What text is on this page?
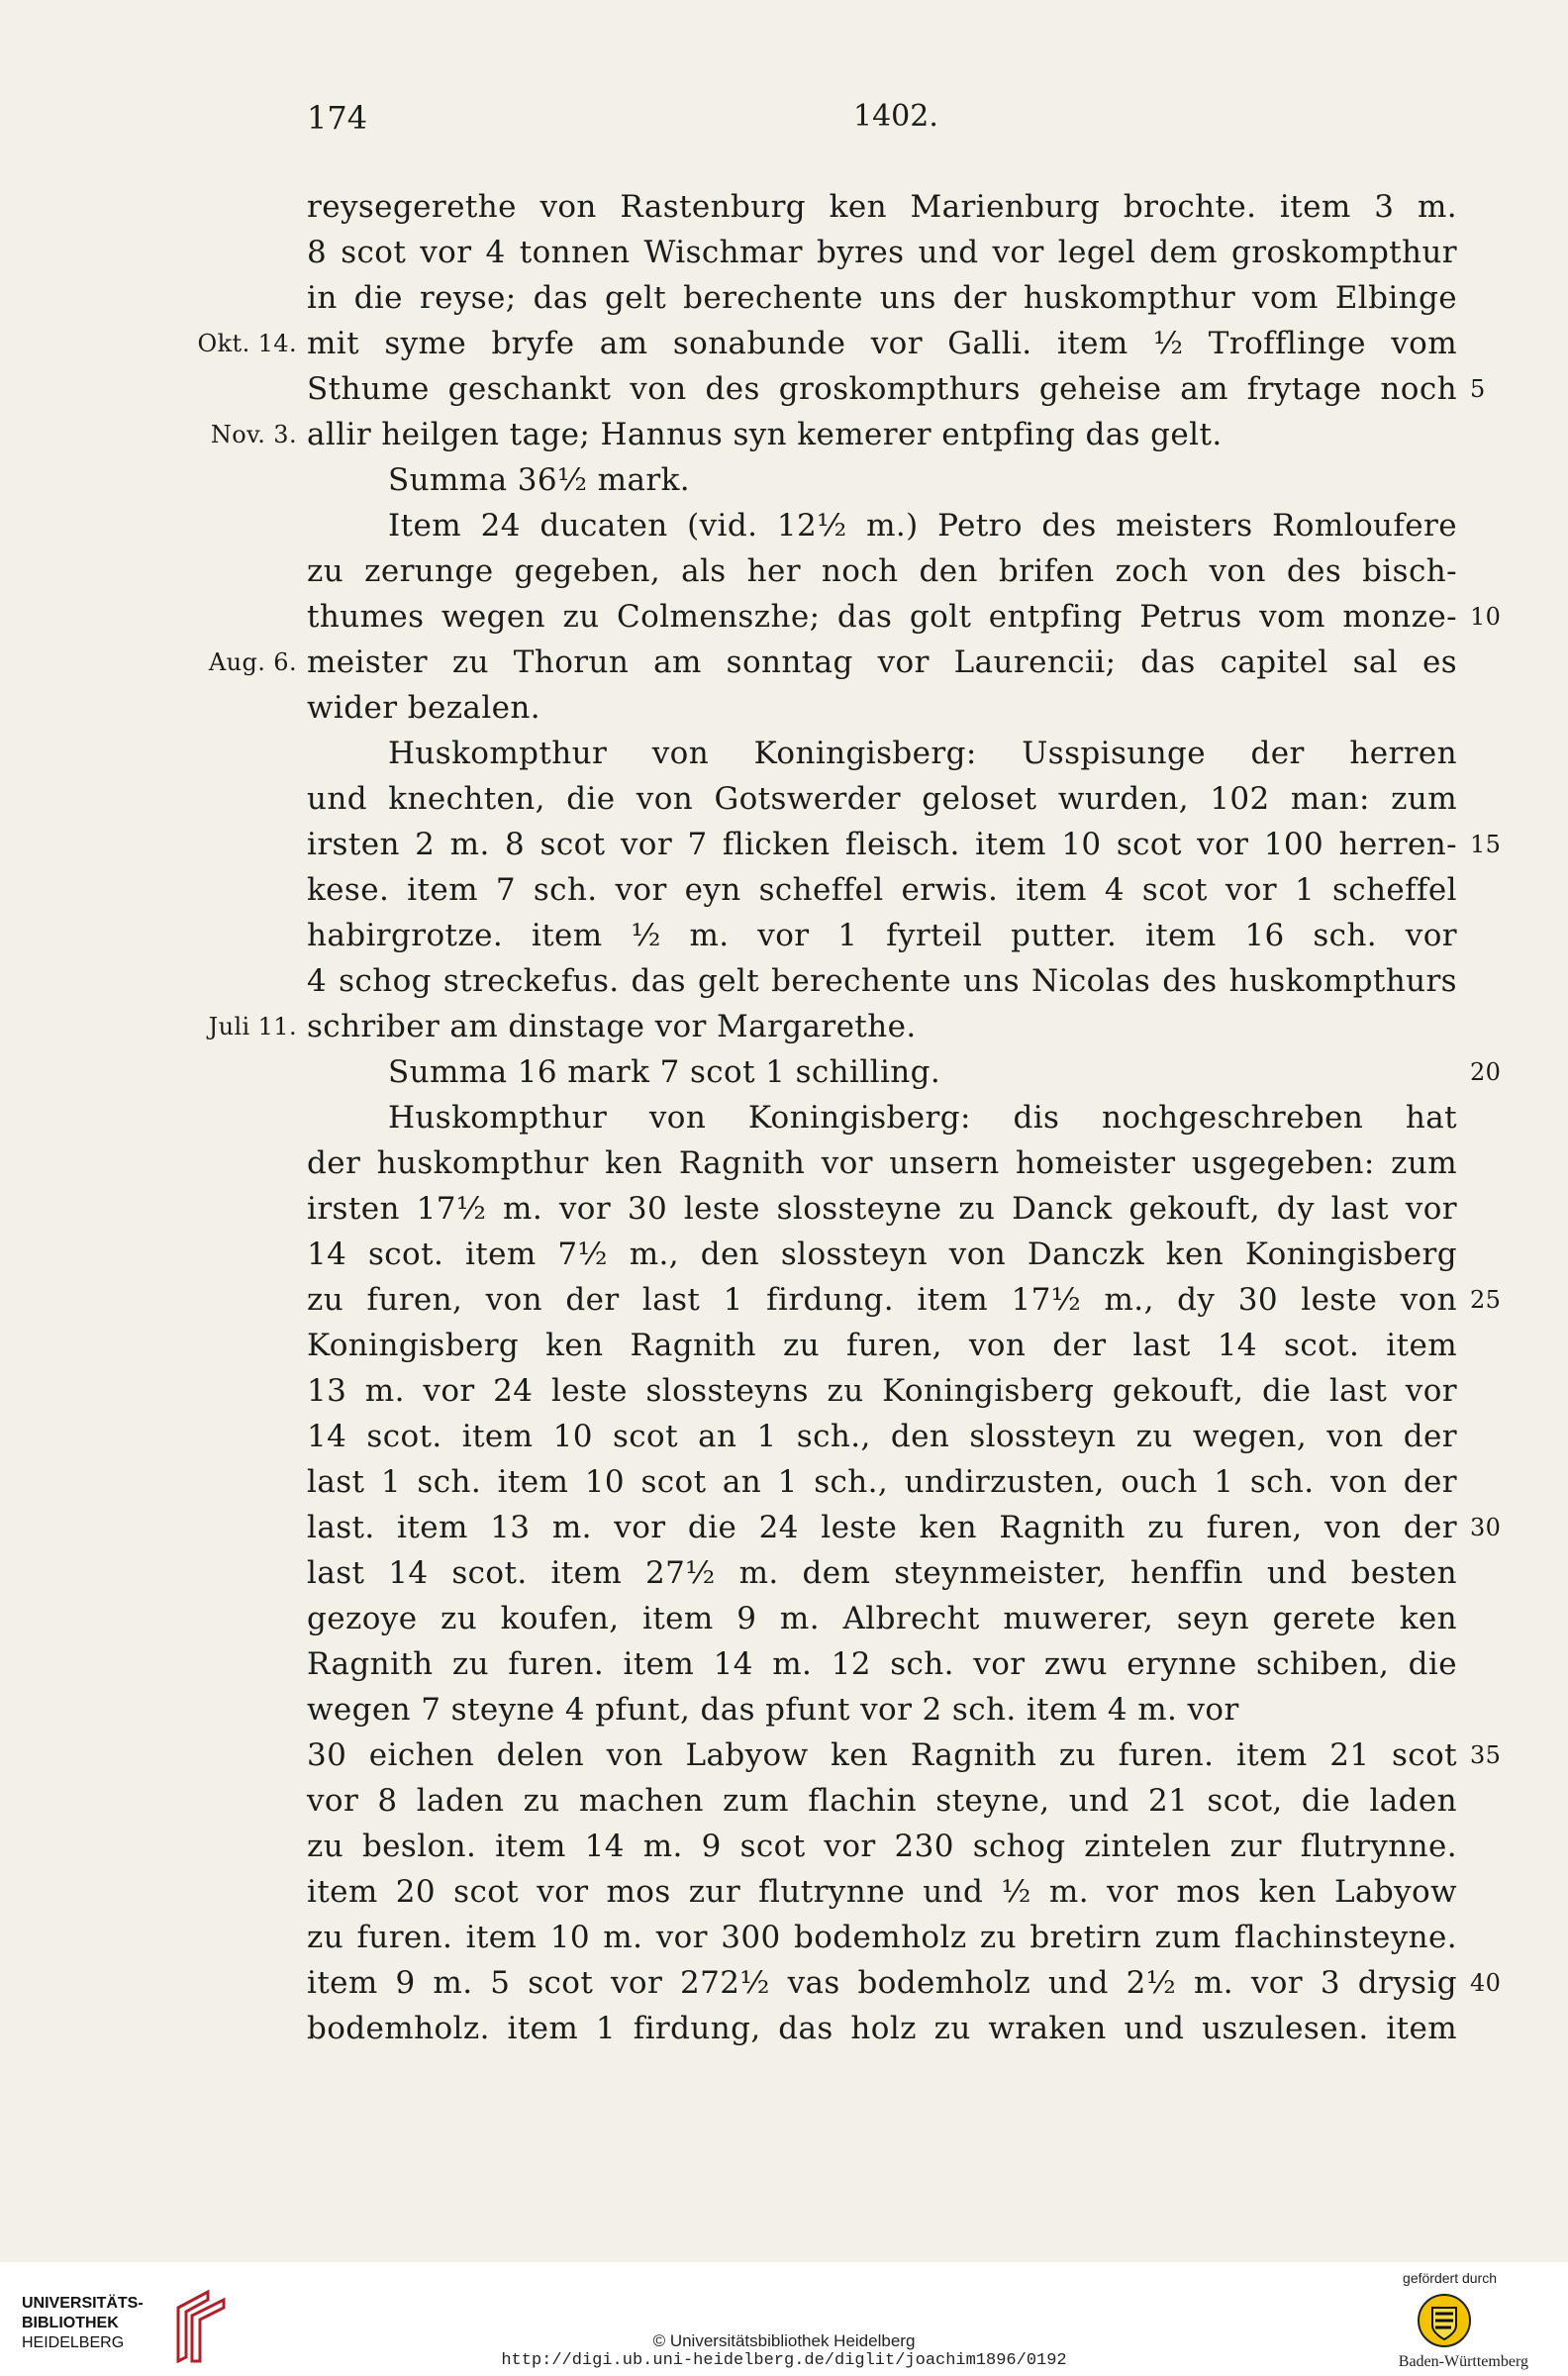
174	1402.
reysegerethe von Rastenburg ken Marienburg brochte. item 3 m.
8 scot vor 4 tonnen Wischmar byres und vor legel dem groskompthur
in die reyse; das gelt berechente uns der huskompthur vom Elbinge
Okt. 14. mit syme bryfe am sonabunde vor Galli. item ½ Trofflinge vom
Sthume geschankt von des groskompthurs geheise am frytage noch 5
Nov. 3. allir heilgen tage; Hannus syn kemerer entpfing das gelt.
Summa 36½ mark.
Item 24 ducaten (vid. 12½ m.) Petro des meisters Romloufere
zu zerunge gegeben, als her noch den brifen zoch von des bisch-
thumes wegen zu Colmenszhe; das golt entpfing Petrus vom monze- 10
Aug. 6. meister zu Thorun am sonntag vor Laurencii; das capitel sal es
wider bezalen.
Huskompthur von Koningisberg: Usspisunge der herren
und knechten, die von Gotswerder geloset wurden, 102 man: zum
irsten 2 m. 8 scot vor 7 flicken fleisch. item 10 scot vor 100 herren- 15
kese. item 7 sch. vor eyn scheffel erwis. item 4 scot vor 1 scheffel
habirgrotze. item ½ m. vor 1 fyrteil putter. item 16 sch. vor
4 schog streckefus. das gelt berechente uns Nicolas des huskompthurs
Juli 11. schriber am dinstage vor Margarethe.
Summa 16 mark 7 scot 1 schilling.	20
Huskompthur von Koningisberg: dis nochgeschreben hat
der huskompthur ken Ragnith vor unsern homeister usgegeben: zum
irsten 17½ m. vor 30 leste slossteyne zu Danck gekouft, dy last vor
14 scot. item 7½ m., den slossteyn von Danczk ken Koningisberg
zu furen, von der last 1 firdung. item 17½ m., dy 30 leste von 25
Koningisberg ken Ragnith zu furen, von der last 14 scot. item
13 m. vor 24 leste slossteyns zu Koningisberg gekouft, die last vor
14 scot. item 10 scot an 1 sch., den slossteyn zu wegen, von der
last 1 sch. item 10 scot an 1 sch., undirzusten, ouch 1 sch. von der
last. item 13 m. vor die 24 leste ken Ragnith zu furen, von der 30
last 14 scot. item 27½ m. dem steynmeister, henffin und besten
gezoye zu koufen, item 9 m. Albrecht muwerer, seyn gerete ken
Ragnith zu furen. item 14 m. 12 sch. vor zwu erynne schiben, die
wegen 7 steyne 4 pfunt, das pfunt vor 2 sch. item 4 m. vor
30 eichen delen von Labyow ken Ragnith zu furen. item 21 scot 35
vor 8 laden zu machen zum flachin steyne, und 21 scot, die laden
zu beslon. item 14 m. 9 scot vor 230 schog zintelen zur flutrynne.
item 20 scot vor mos zur flutrynne und ½ m. vor mos ken Labyow
zu furen. item 10 m. vor 300 bodemholz zu bretirn zum flachinsteyne.
item 9 m. 5 scot vor 272½ vas bodemholz und 2½ m. vor 3 drysig 40
bodemholz. item 1 firdung, das holz zu wraken und uszulesen. item
UNIVERSITÄTS-
BIBLIOTHEK
HEIDELBERG	© Universitätsbibliothek Heidelberg
http://digi.ub.uni-heidelberg.de/diglit/joachim1896/0192
gefördert durch
Baden-Württemberg
